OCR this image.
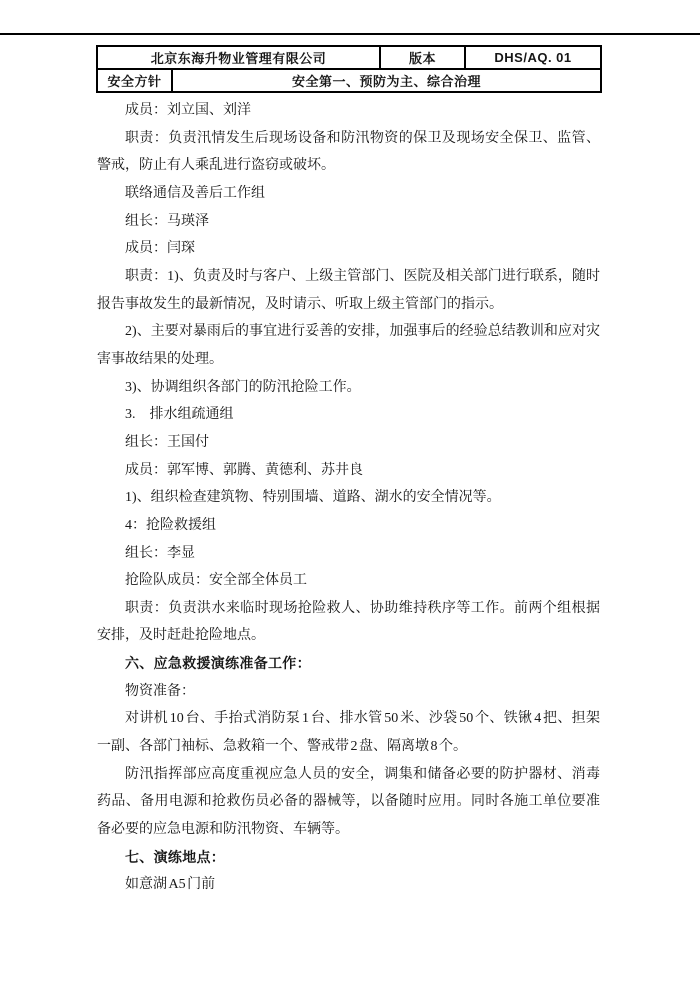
北京东海升物业管理有限公司		版本	DHS/AQ. 01
安全方针	安全第一、预防为主、综合治理		

成员：刘立国、刘洋

职责：负责汛情发生后现场设备和防汛物资的保卫及现场安全保卫、监管、警戒，防止有人乘乱进行盗窃或破坏。

联络通信及善后工作组

组长：马瑛泽

成员：闫琛

职责：1)、负责及时与客户、上级主管部门、医院及相关部门进行联系，随时报告事故发生的最新情况，及时请示、听取上级主管部门的指示。

2)、主要对暴雨后的事宜进行妥善的安排，加强事后的经验总结教训和应对灾害事故结果的处理。

3)、协调组织各部门的防汛抢险工作。

3.　排水组疏通组

组长：王国付

成员：郭军博、郭腾、黄德利、苏井良

1)、组织检查建筑物、特别围墙、道路、湖水的安全情况等。

4：抢险救援组

组长：李显

抢险队成员：安全部全体员工

职责：负责洪水来临时现场抢险救人、协助维持秩序等工作。前两个组根据安排，及时赶赴抢险地点。

六、应急救援演练准备工作：

物资准备：

对讲机 10 台、手抬式消防泵 1 台、排水管 50 米、沙袋 50 个、铁锹 4 把、担架一副、各部门袖标、急救箱一个、警戒带 2 盘、隔离墩 8 个。

防汛指挥部应高度重视应急人员的安全，调集和储备必要的防护器材、消毒药品、备用电源和抢救伤员必备的器械等，以备随时应用。同时各施工单位要准备必要的应急电源和防汛物资、车辆等。

七、演练地点：

如意湖 A5 门前
